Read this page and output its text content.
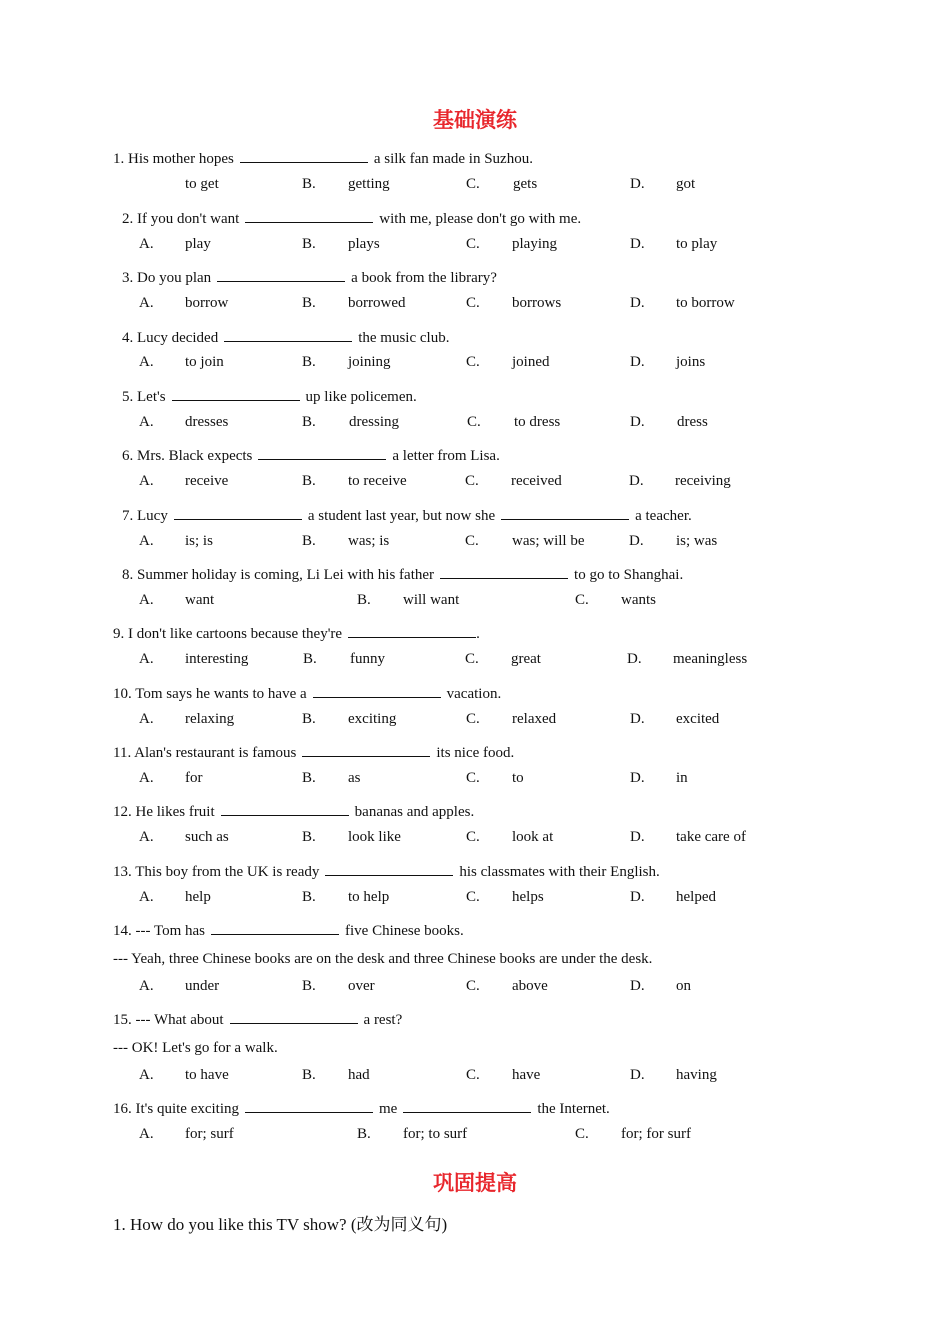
基础演练
1. His mother hopes	a silk fan made in Suzhou.
to get	B. getting	C. gets	D. got
2. If you don't want	with me, please don't go with me.
A. play	B. plays	C. playing	D. to play
3. Do you plan	a book from the library?
A. borrow	B. borrowed	C. borrows	D. to borrow
4. Lucy decided	the music club.
A. to join	B. joining	C. joined	D. joins
5. Let's	up like policemen.
A. dresses	B. dressing	C. to dress	D. dress
6. Mrs. Black expects	a letter from Lisa.
A. receive	B. to receive	C. received	D. receiving
7. Lucy	a student last year, but now she	a teacher.
A. is; is	B. was; is	C. was; will be	D. is; was
8. Summer holiday is coming, Li Lei with his father	to go to Shanghai.
A. want	B. will want	C. wants
9. I don't like cartoons because they're	.
A. interesting	B. funny	C. great	D. meaningless
10. Tom says he wants to have a	vacation.
A. relaxing	B. exciting	C. relaxed	D. excited
11. Alan's restaurant is famous	its nice food.
A. for	B. as	C. to	D. in
12. He likes fruit	bananas and apples.
A. such as	B. look like	C. look at	D. take care of
13. This boy from the UK is ready	his classmates with their English.
A. help	B. to help	C. helps	D. helped
14. --- Tom has	five Chinese books.
--- Yeah, three Chinese books are on the desk and three Chinese books are under the desk.
A. under	B. over	C. above	D. on
15. --- What about	a rest?
--- OK! Let's go for a walk.
A. to have	B. had	C. have	D. having
16. It's quite exciting	me	the Internet.
A. for; surf	B. for; to surf	C. for; for surf
巩固提高
1. How do you like this TV show? (改为同义句)
